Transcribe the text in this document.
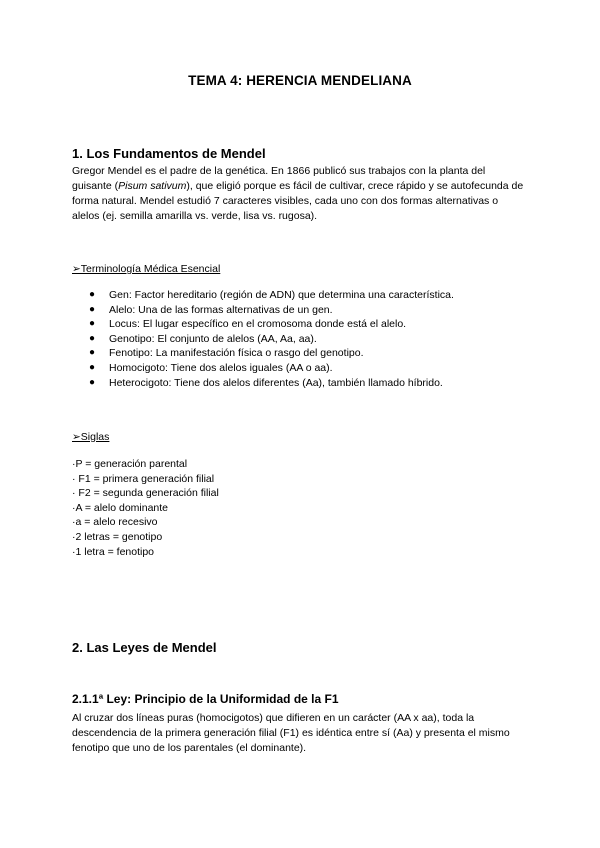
TEMA 4: HERENCIA MENDELIANA
1. Los Fundamentos de Mendel
Gregor Mendel es el padre de la genética. En 1866 publicó sus trabajos con la planta del guisante (Pisum sativum), que eligió porque es fácil de cultivar, crece rápido y se autofecunda de forma natural. Mendel estudió 7 caracteres visibles, cada uno con dos formas alternativas o alelos (ej. semilla amarilla vs. verde, lisa vs. rugosa).
➢Terminología Médica Esencial
● Gen: Factor hereditario (región de ADN) que determina una característica.
● Alelo: Una de las formas alternativas de un gen.
● Locus: El lugar específico en el cromosoma donde está el alelo.
● Genotipo: El conjunto de alelos (AA, Aa, aa).
● Fenotipo: La manifestación física o rasgo del genotipo.
● Homocigoto: Tiene dos alelos iguales (AA o aa).
● Heterocigoto: Tiene dos alelos diferentes (Aa), también llamado híbrido.
➢Siglas
·P = generación parental
· F1 = primera generación filial
· F2 = segunda generación filial
·A = alelo dominante
·a = alelo recesivo
·2 letras = genotipo
·1 letra = fenotipo
2. Las Leyes de Mendel
2.1.1ª Ley: Principio de la Uniformidad de la F1
Al cruzar dos líneas puras (homocigotos) que difieren en un carácter (AA x aa), toda la descendencia de la primera generación filial (F1) es idéntica entre sí (Aa) y presenta el mismo fenotipo que uno de los parentales (el dominante).
